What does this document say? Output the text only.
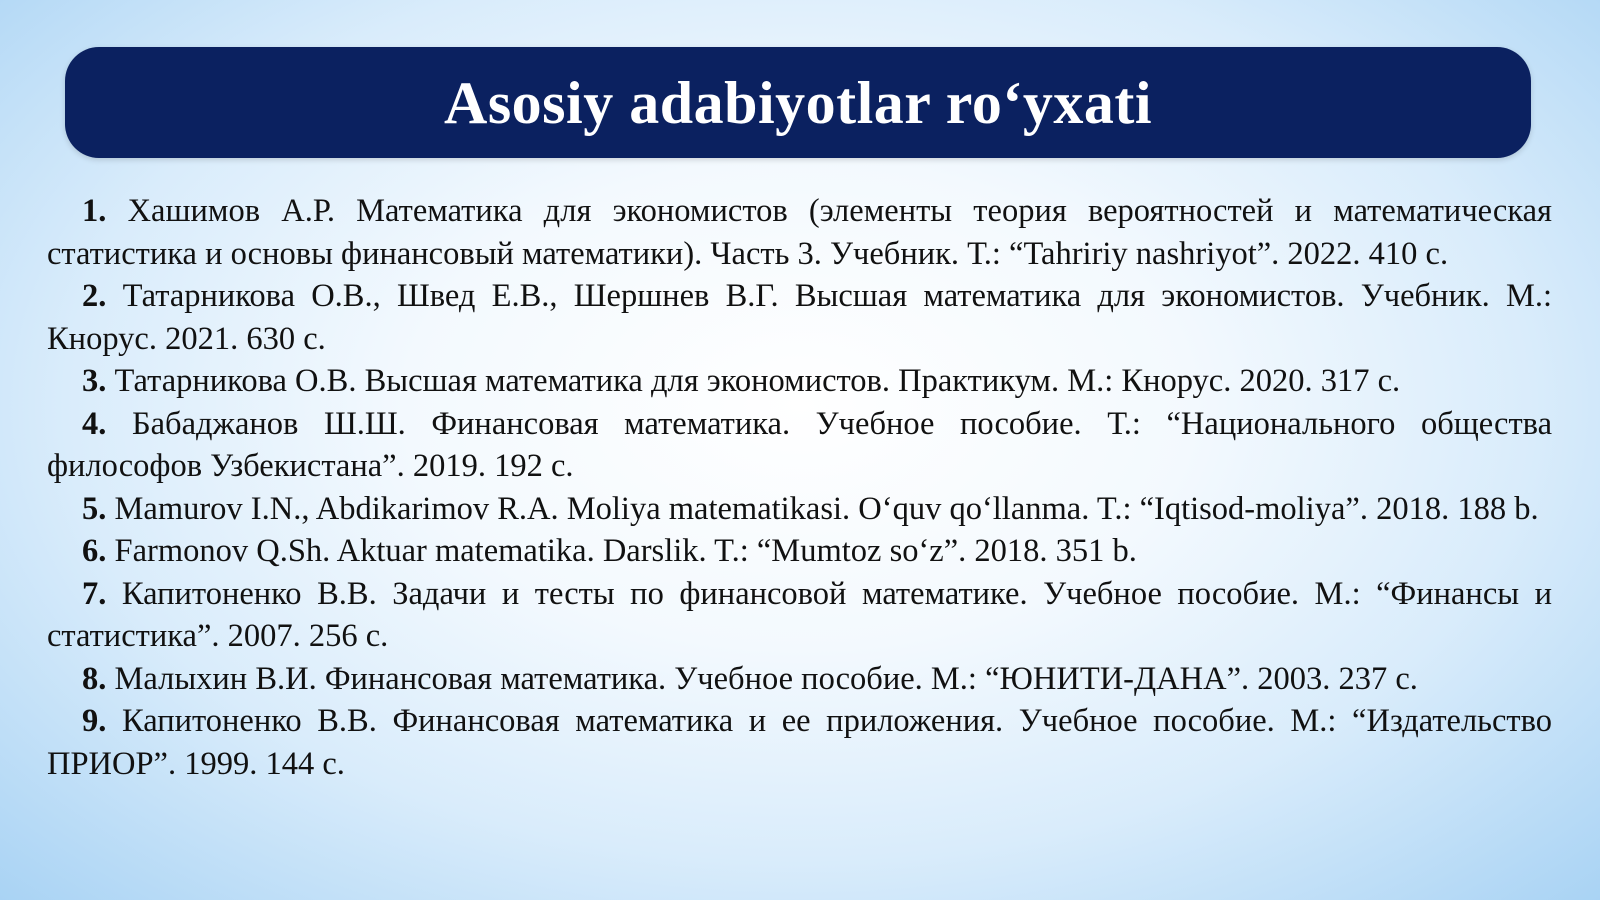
Asosiy adabiyotlar ro‘yxati

1. Хашимов А.Р. Математика для экономистов (элементы теория вероятностей и математическая статистика и основы финансовый математики). Часть 3. Учебник. Т.: “Tahririy nashriyot”. 2022. 410 с.

2. Татарникова О.В., Швед Е.В., Шершнев В.Г. Высшая математика для экономистов. Учебник. М.: Кнорус. 2021. 630 с.

3. Татарникова О.В. Высшая математика для экономистов. Практикум. М.: Кнорус. 2020. 317 с.

4. Бабаджанов Ш.Ш. Финансовая математика. Учебное пособие. Т.: “Национального общества философов Узбекистана”. 2019. 192 с.

5. Mamurov I.N., Abdikarimov R.A. Moliya matematikasi. O‘quv qo‘llanma. T.: “Iqtisod-moliya”. 2018. 188 b.

6. Farmonov Q.Sh. Aktuar matematika. Darslik. T.: “Mumtoz so‘z”. 2018. 351 b.

7. Капитоненко В.В. Задачи и тесты по финансовой математике. Учебное пособие. М.: “Финансы и статистика”. 2007. 256 с.

8. Малыхин В.И. Финансовая математика. Учебное пособие. М.: “ЮНИТИ-ДАНА”. 2003. 237 с.

9. Капитоненко В.В. Финансовая математика и ее приложения. Учебное пособие. М.: “Издательство ПРИОР”. 1999. 144 с.
